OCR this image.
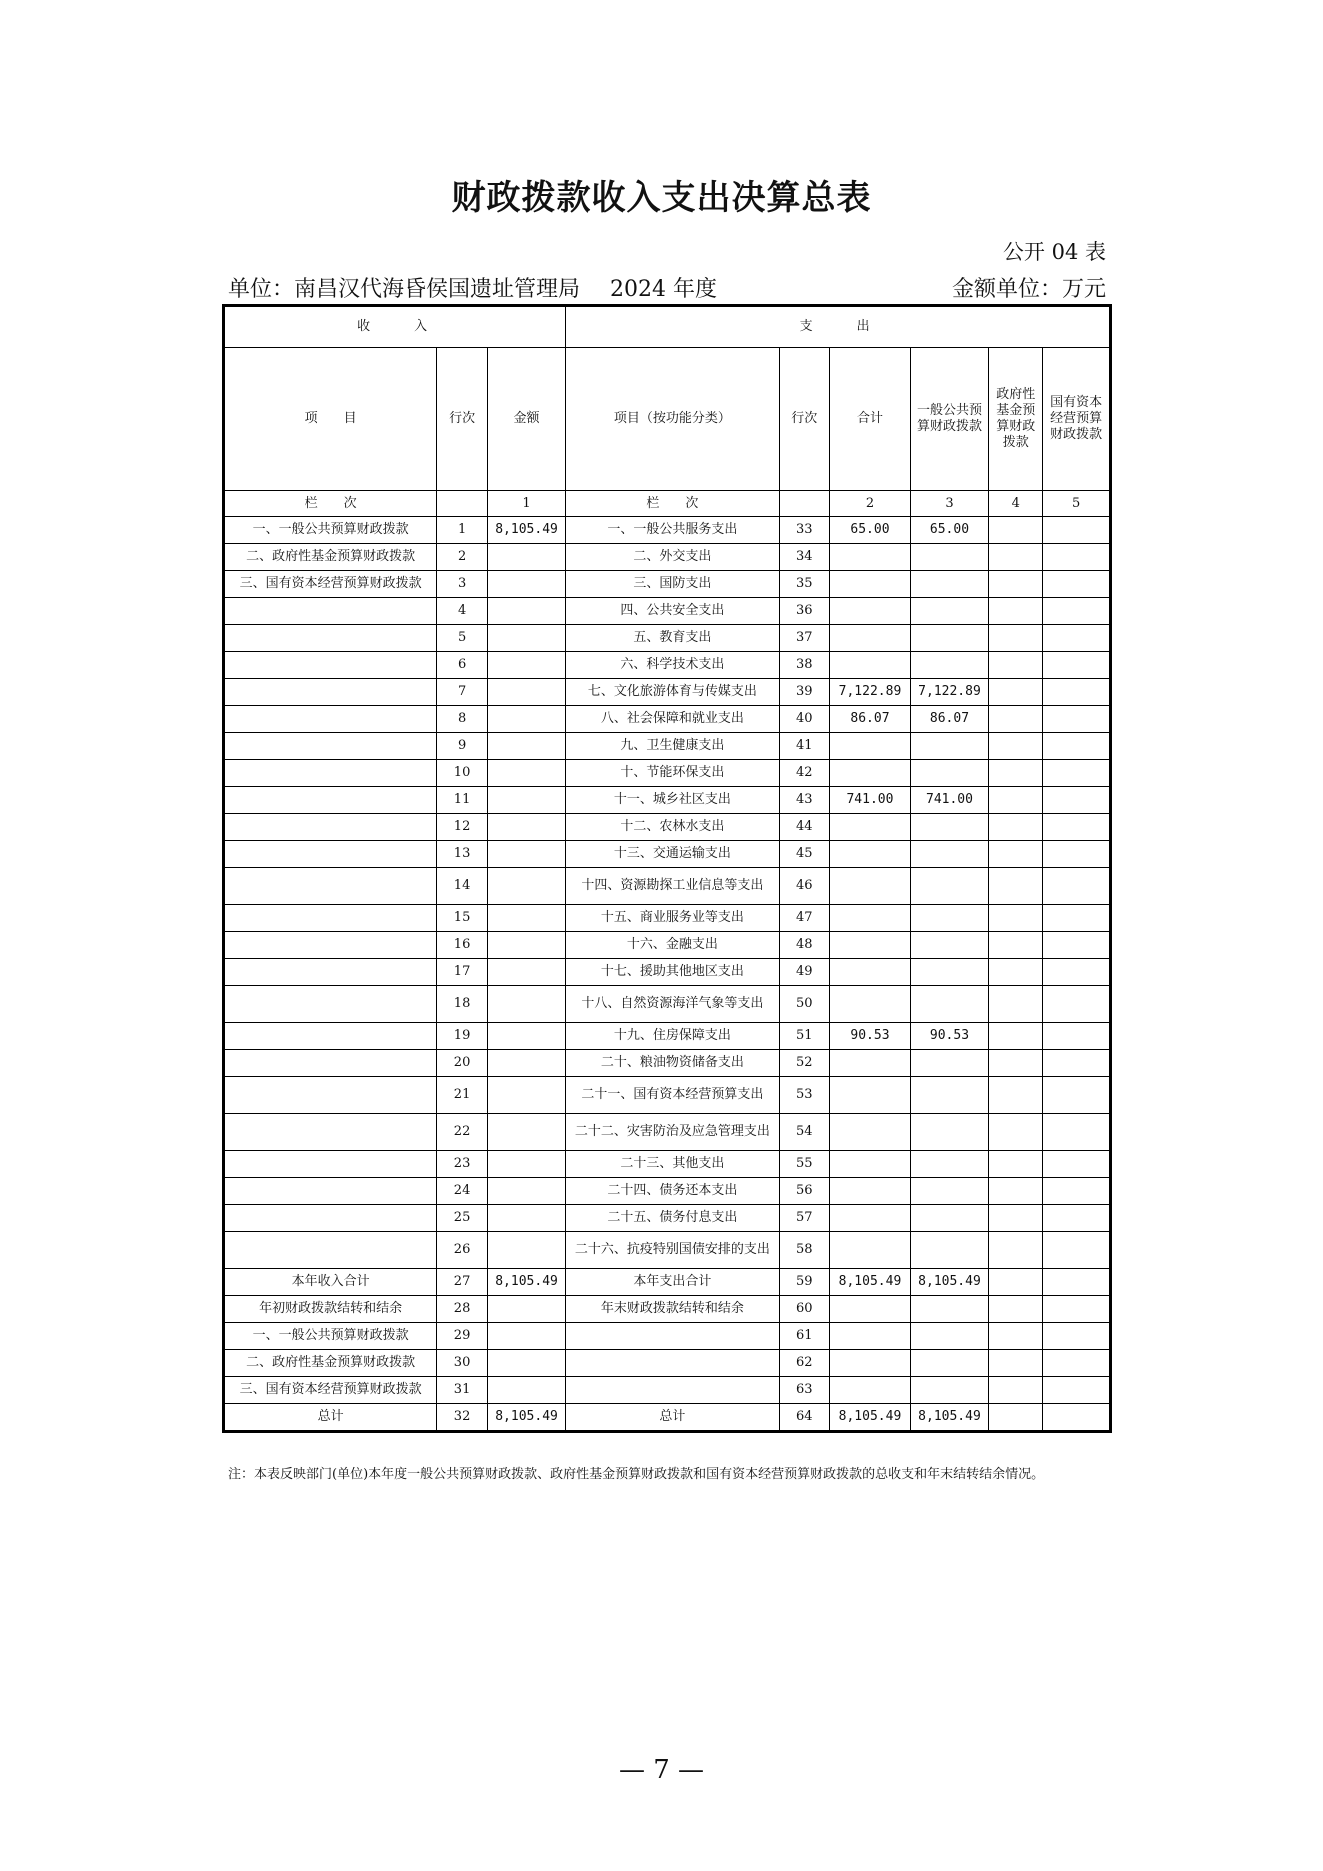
财政拨款收入支出决算总表
公开 04 表
单位：南昌汉代海昏侯国遗址管理局 2024 年度	金额单位：万元
收　　入			支　　出					
项　　目	行次	金额	项目（按功能分类）	行次	合计	一般公共预算财政拨款	政府性基金预算财政拨款	国有资本经营预算财政拨款
栏　　次		1	栏　　次		2	3	4	5
一、一般公共预算财政拨款	1	8,105.49	一、一般公共服务支出	33	65.00	65.00		
二、政府性基金预算财政拨款	2		二、外交支出	34				
三、国有资本经营预算财政拨款	3		三、国防支出	35				
	4		四、公共安全支出	36				
	5		五、教育支出	37				
	6		六、科学技术支出	38				
	7		七、文化旅游体育与传媒支出	39	7,122.89	7,122.89		
	8		八、社会保障和就业支出	40	86.07	86.07		
	9		九、卫生健康支出	41				
	10		十、节能环保支出	42				
	11		十一、城乡社区支出	43	741.00	741.00		
	12		十二、农林水支出	44				
	13		十三、交通运输支出	45				
	14		十四、资源勘探工业信息等支出	46				
	15		十五、商业服务业等支出	47				
	16		十六、金融支出	48				
	17		十七、援助其他地区支出	49				
	18		十八、自然资源海洋气象等支出	50				
	19		十九、住房保障支出	51	90.53	90.53		
	20		二十、粮油物资储备支出	52				
	21		二十一、国有资本经营预算支出	53				
	22		二十二、灾害防治及应急管理支出	54				
	23		二十三、其他支出	55				
	24		二十四、债务还本支出	56				
	25		二十五、债务付息支出	57				
	26		二十六、抗疫特别国债安排的支出	58				
本年收入合计	27	8,105.49	本年支出合计	59	8,105.49	8,105.49		
年初财政拨款结转和结余	28		年末财政拨款结转和结余	60				
一、一般公共预算财政拨款	29			61				
二、政府性基金预算财政拨款	30			62				
三、国有资本经营预算财政拨款	31			63				
总计	32	8,105.49	总计	64	8,105.49	8,105.49		
注：本表反映部门(单位)本年度一般公共预算财政拨款、政府性基金预算财政拨款和国有资本经营预算财政拨款的总收支和年末结转结余情况。
— 7 —
